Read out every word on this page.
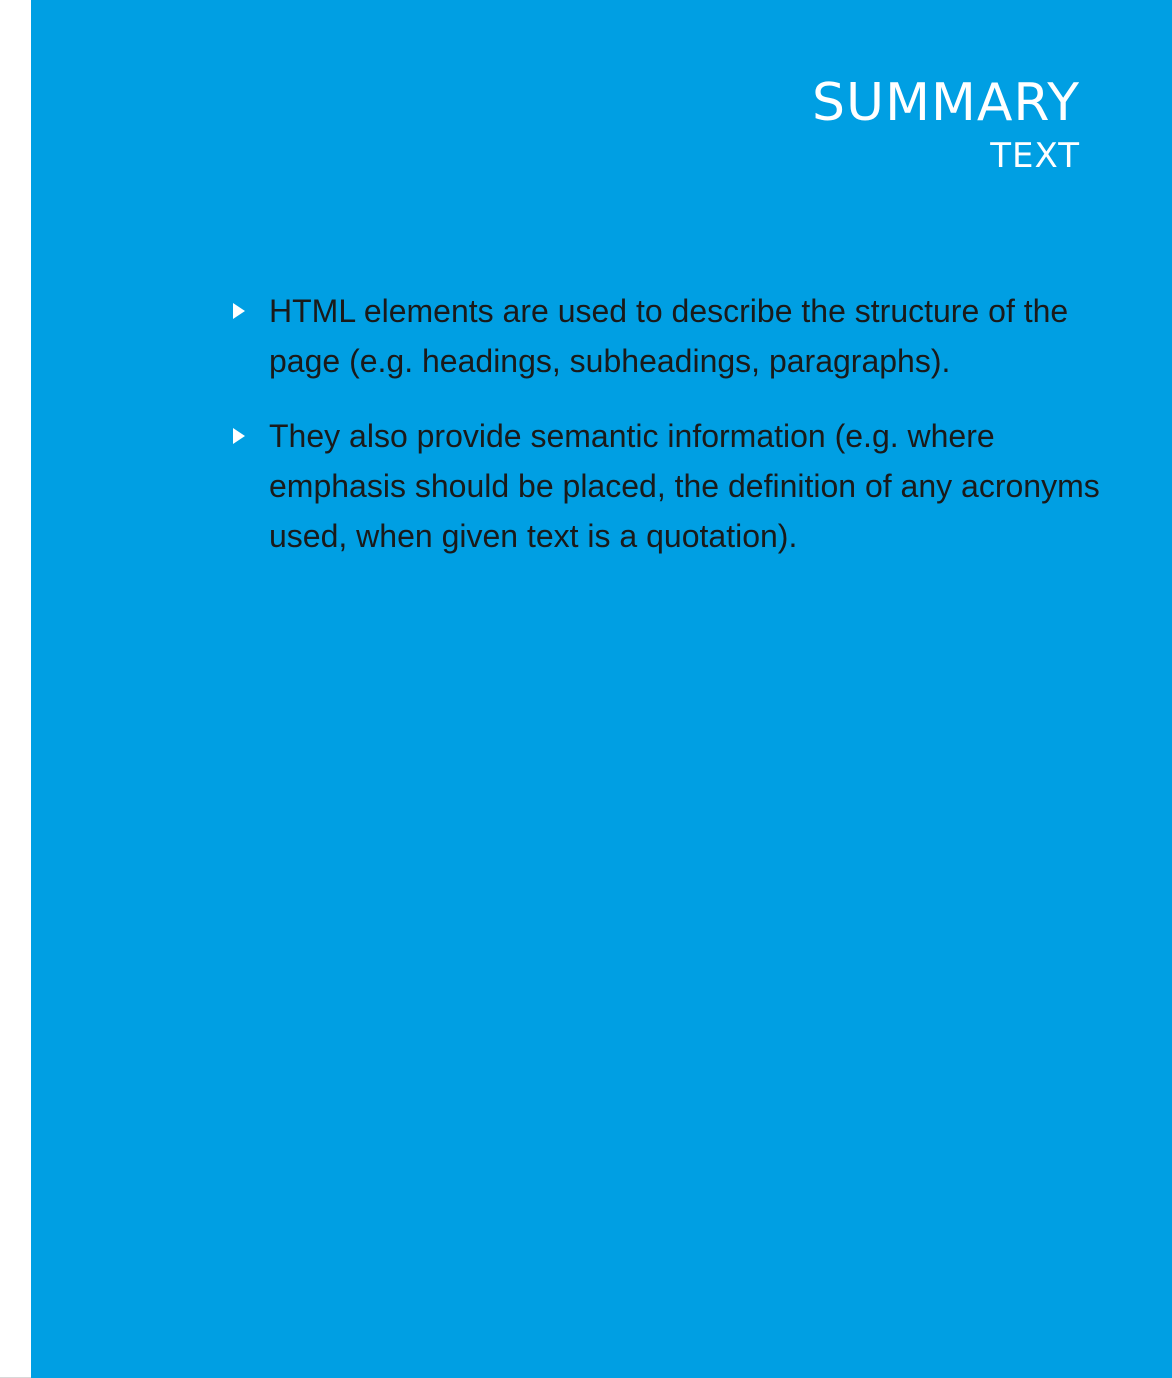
SUMMARY
TEXT
HTML elements are used to describe the structure of the page (e.g. headings, subheadings, paragraphs).
They also provide semantic information (e.g. where emphasis should be placed, the definition of any acronyms used, when given text is a quotation).
